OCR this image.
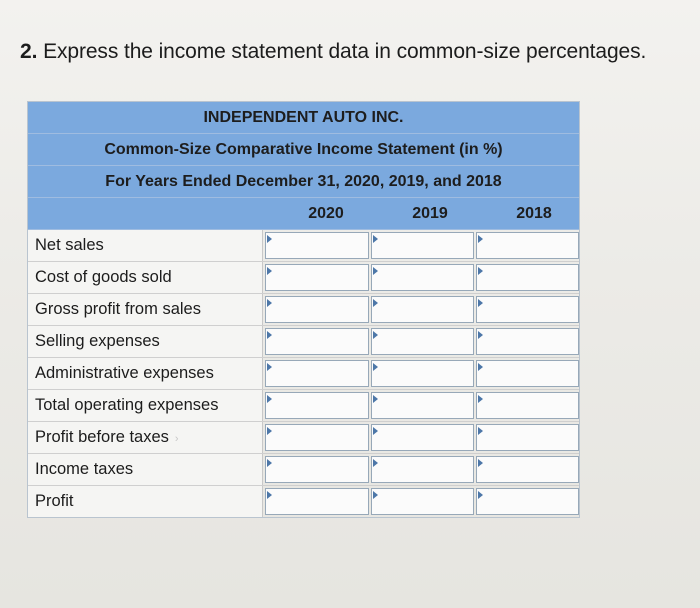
2. Express the income statement data in common-size percentages.
INDEPENDENT AUTO INC.
Common-Size Comparative Income Statement (in %)
For Years Ended December 31, 2020, 2019, and 2018
2020	2019	2018
Net sales
Cost of goods sold
Gross profit from sales
Selling expenses
Administrative expenses
Total operating expenses
Profit before taxes ›
Income taxes
Profit
